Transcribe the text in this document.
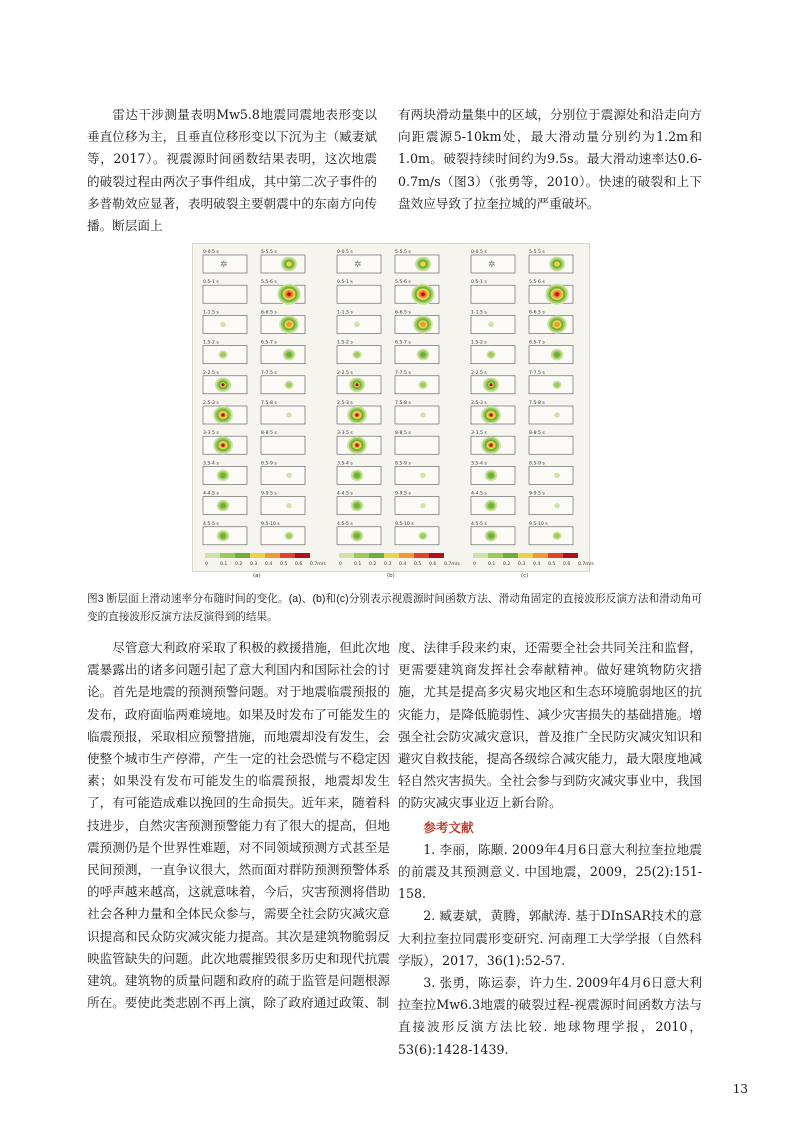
雷达干涉测量表明Mw5.8地震同震地表形变以垂直位移为主，且垂直位移形变以下沉为主（臧妻斌等，2017）。视震源时间函数结果表明，这次地震的破裂过程由两次子事件组成，其中第二次子事件的多普勒效应显著，表明破裂主要朝震中的东南方向传播。断层面上

有两块滑动量集中的区域，分别位于震源处和沿走向方向距震源5-10km处，最大滑动量分别约为1.2m和1.0m。破裂持续时间约为9.5s。最大滑动速率达0.6-0.7m/s（图3）（张勇等，2010）。快速的破裂和上下盘效应导致了拉奎拉城的严重破坏。

0-0.5 s
✲
0.5-1 s
1-1.5 s
1.5-2 s
2-2.5 s
2.5-3 s
3-3.5 s
3.5-4 s
4-4.5 s
4.5-5 s
5-5.5 s
5.5-6 s
6-6.5 s
6.5-7 s
7-7.5 s
7.5-8 s
8-8.5 s
8.5-9 s
9-9.5 s
9.5-10 s
0	0.1 0.2 0.3 0.4 0.5 0.6 0.7m/s
(a)
0-0.5 s
✲
0.5-1 s
1-1.5 s
1.5-2 s
2-2.5 s
2.5-3 s
3-3.5 s
3.5-4 s
4-4.5 s
4.5-5 s
5-5.5 s
5.5-6 s
6-6.5 s
6.5-7 s
7-7.5 s
7.5-8 s
8-8.5 s
8.5-9 s
9-9.5 s
9.5-10 s
0	0.1 0.2 0.3 0.4 0.5 0.6 0.7m/s
(b)
0-0.5 s
✲
0.5-1 s
1-1.5 s
1.5-2 s
2-2.5 s
2.5-3 s
3-3.5 s
3.5-4 s
4-4.5 s
4.5-5 s
5-5.5 s
5.5-6 s
6-6.5 s
6.5-7 s
7-7.5 s
7.5-8 s
8-8.5 s
8.5-9 s
9-9.5 s
9.5-10 s
0	0.1 0.2 0.3 0.4 0.5 0.6 0.7m/s
(c)
图3 断层面上滑动速率分布随时间的变化。(a)、(b)和(c)分别表示视震源时间函数方法、滑动角固定的直接波形反演方法和滑动角可变的直接波形反演方法反演得到的结果。

尽管意大利政府采取了积极的救援措施，但此次地震暴露出的诸多问题引起了意大利国内和国际社会的讨论。首先是地震的预测预警问题。对于地震临震预报的发布，政府面临两难境地。如果及时发布了可能发生的临震预报，采取相应预警措施，而地震却没有发生，会使整个城市生产停滞，产生一定的社会恐慌与不稳定因素；如果没有发布可能发生的临震预报，地震却发生了，有可能造成难以挽回的生命损失。近年来，随着科技进步，自然灾害预测预警能力有了很大的提高，但地震预测仍是个世界性难题，对不同领域预测方式甚至是民间预测，一直争议很大，然而面对群防预测预警体系的呼声越来越高，这就意味着，今后，灾害预测将借助社会各种力量和全体民众参与，需要全社会防灾减灾意识提高和民众防灾减灾能力提高。其次是建筑物脆弱反映监管缺失的问题。此次地震摧毁很多历史和现代抗震建筑。建筑物的质量问题和政府的疏于监管是问题根源所在。要使此类悲剧不再上演，除了政府通过政策、制

度、法律手段来约束，还需要全社会共同关注和监督，更需要建筑商发挥社会奉献精神。做好建筑物防灾措施，尤其是提高多灾易灾地区和生态环境脆弱地区的抗灾能力，是降低脆弱性、减少灾害损失的基础措施。增强全社会防灾减灾意识，普及推广全民防灾减灾知识和避灾自救技能，提高各级综合减灾能力，最大限度地减轻自然灾害损失。全社会参与到防灾减灾事业中，我国的防灾减灾事业迈上新台阶。

参考文献

1. 李丽，陈颙. 2009年4月6日意大利拉奎拉地震的前震及其预测意义. 中国地震，2009，25(2):151-158.

2. 臧妻斌，黄腾，郭献涛. 基于DInSAR技术的意大利拉奎拉同震形变研究. 河南理工大学学报（自然科学版），2017，36(1):52-57.

3. 张勇，陈运泰，许力生. 2009年4月6日意大利拉奎拉Mw6.3地震的破裂过程-视震源时间函数方法与直接波形反演方法比较. 地球物理学报，2010，53(6):1428-1439.

13
